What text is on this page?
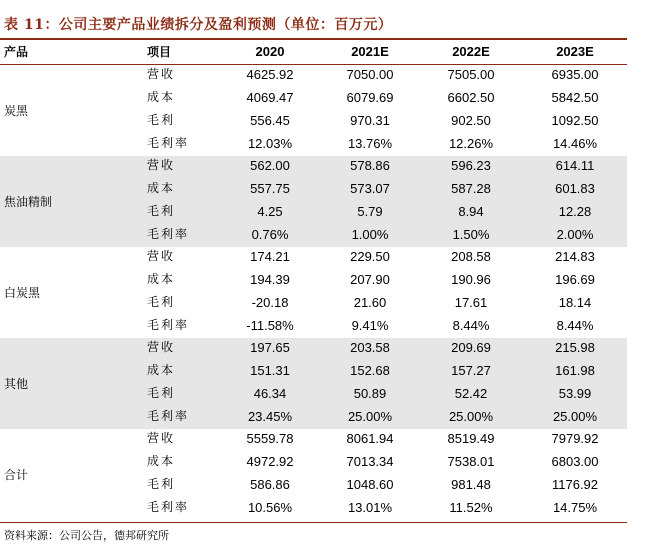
表 11：公司主要产品业绩拆分及盈利预测（单位：百万元）
产品	项目	2020	2021E	2022E	2023E
炭黑
营收	4625.92	7050.00	7505.00	6935.00
成本	4069.47	6079.69	6602.50	5842.50
毛利	556.45	970.31	902.50	1092.50
毛利率	12.03%	13.76%	12.26%	14.46%
焦油精制
营收	562.00	578.86	596.23	614.11
成本	557.75	573.07	587.28	601.83
毛利	4.25	5.79	8.94	12.28
毛利率	0.76%	1.00%	1.50%	2.00%
白炭黑
营收	174.21	229.50	208.58	214.83
成本	194.39	207.90	190.96	196.69
毛利	-20.18	21.60	17.61	18.14
毛利率	-11.58%	9.41%	8.44%	8.44%
其他
营收	197.65	203.58	209.69	215.98
成本	151.31	152.68	157.27	161.98
毛利	46.34	50.89	52.42	53.99
毛利率	23.45%	25.00%	25.00%	25.00%
合计
营收	5559.78	8061.94	8519.49	7979.92
成本	4972.92	7013.34	7538.01	6803.00
毛利	586.86	1048.60	981.48	1176.92
毛利率	10.56%	13.01%	11.52%	14.75%
资料来源：公司公告，德邦研究所
